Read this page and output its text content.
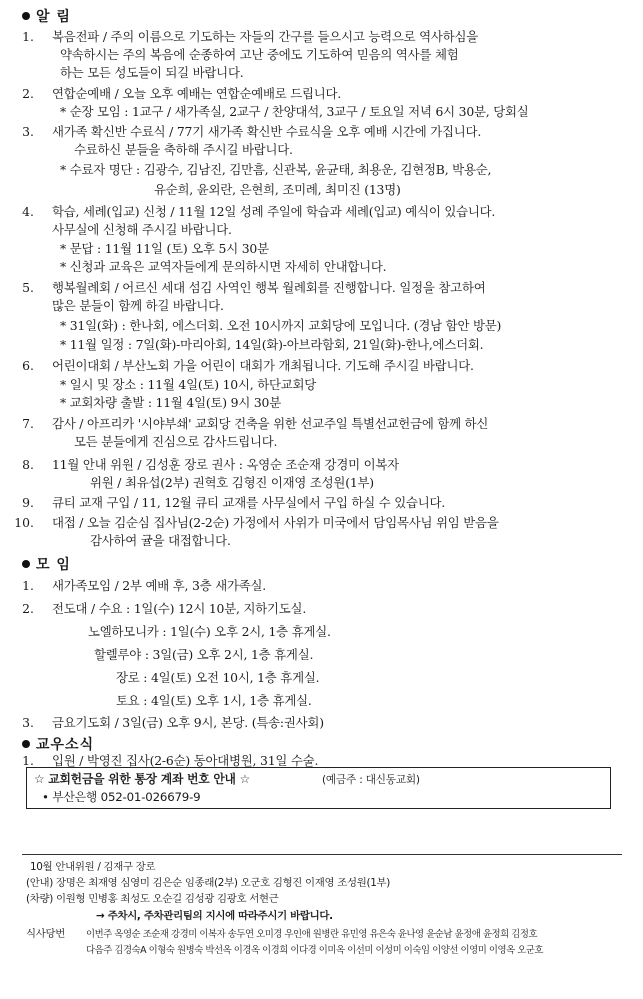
알 림
1. 복음전파 / 주의 이름으로 기도하는 자들의 간구를 들으시고 능력으로 역사하심을
약속하시는 주의 복음에 순종하여 고난 중에도 기도하여 믿음의 역사를 체험
하는 모든 성도들이 되길 바랍니다.
2. 연합순예배 / 오늘 오후 예배는 연합순예배로 드립니다.
* 순장 모임 : 1교구 / 새가족실, 2교구 / 찬양대석, 3교구 / 토요일 저녁 6시 30분, 당회실
3. 새가족 확신반 수료식 / 77기 새가족 확신반 수료식을 오후 예배 시간에 가집니다.
수료하신 분들을 축하해 주시길 바랍니다.
* 수료자 명단 : 김광수, 김남진, 김만흠, 신관복, 윤균태, 최용운, 김현정B, 박용순,
유순희, 윤외란, 은현희, 조미례, 최미진 (13명)
4. 학습, 세례(입교) 신청 / 11월 12일 성례 주일에 학습과 세례(입교) 예식이 있습니다.
사무실에 신청해 주시길 바랍니다.
* 문답 : 11월 11일 (토) 오후 5시 30분
* 신청과 교육은 교역자들에게 문의하시면 자세히 안내합니다.
5. 행복월례회 / 어르신 세대 섬김 사역인 행복 월례회를 진행합니다. 일정을 참고하여
많은 분들이 함께 하길 바랍니다.
* 31일(화) : 한나회, 에스더회. 오전 10시까지 교회당에 모입니다. (경남 함안 방문)
* 11월 일정 : 7일(화)-마리아회, 14일(화)-아브라함회, 21일(화)-한나,에스더회.
6. 어린이대회 / 부산노회 가을 어린이 대회가 개최됩니다. 기도해 주시길 바랍니다.
* 일시 및 장소 : 11월 4일(토) 10시, 하단교회당
* 교회차량 출발 : 11월 4일(토) 9시 30분
7. 감사 / 아프리카 '시야부쇄' 교회당 건축을 위한 선교주일 특별선교헌금에 함께 하신
모든 분들에게 진심으로 감사드립니다.
8. 11월 안내 위원 / 김성훈 장로 권사 : 옥영순 조순재 강경미 이복자
위원 / 최유섭(2부) 권혁호 김형진 이재영 조성원(1부)
9. 큐티 교재 구입 / 11, 12월 큐티 교재를 사무실에서 구입 하실 수 있습니다.
10. 대접 / 오늘 김순심 집사님(2-2순) 가정에서 사위가 미국에서 담임목사님 위임 받음을
감사하여 귤을 대접합니다.
모 임
1. 새가족모임 / 2부 예배 후, 3층 새가족실.
2. 전도대 / 수요 : 1일(수) 12시 10분, 지하기도실.
노엘하모니카 : 1일(수) 오후 2시, 1층 휴게실.
할렐루야 : 3일(금) 오후 2시, 1층 휴게실.
장로 : 4일(토) 오전 10시, 1층 휴게실.
토요 : 4일(토) 오후 1시, 1층 휴게실.
3. 금요기도회 / 3일(금) 오후 9시, 본당. (특송:권사회)
교우소식
1. 입원 / 박영진 집사(2-6순) 동아대병원, 31일 수술.
☆ 교회헌금을 위한 통장 계좌 번호 안내 ☆	(예금주 : 대신동교회)
• 부산은행 052-01-026679-9
10월 안내위원 / 김재구 장로
(안내) 장명은 최재영 심영미 김은순 임종래(2부) 오군호 김형진 이재영 조성원(1부)
(차량) 이원형 민병홍 최성도 오순길 김성광 김광호 서현근
→ 주차시, 주차관리팀의 지시에 따라주시기 바랍니다.
식사당번 이번주 옥영순 조순재 강경미 이복자 송두연 오미경 우인애 원병란 유민영 유은숙 윤나영 윤순남 윤정애 윤정희 김정호
다음주 김경숙A 이형숙 원병숙 박선옥 이경옥 이경희 이다경 이미옥 이선미 이성미 이숙임 이양선 이영미 이영옥 오군호
